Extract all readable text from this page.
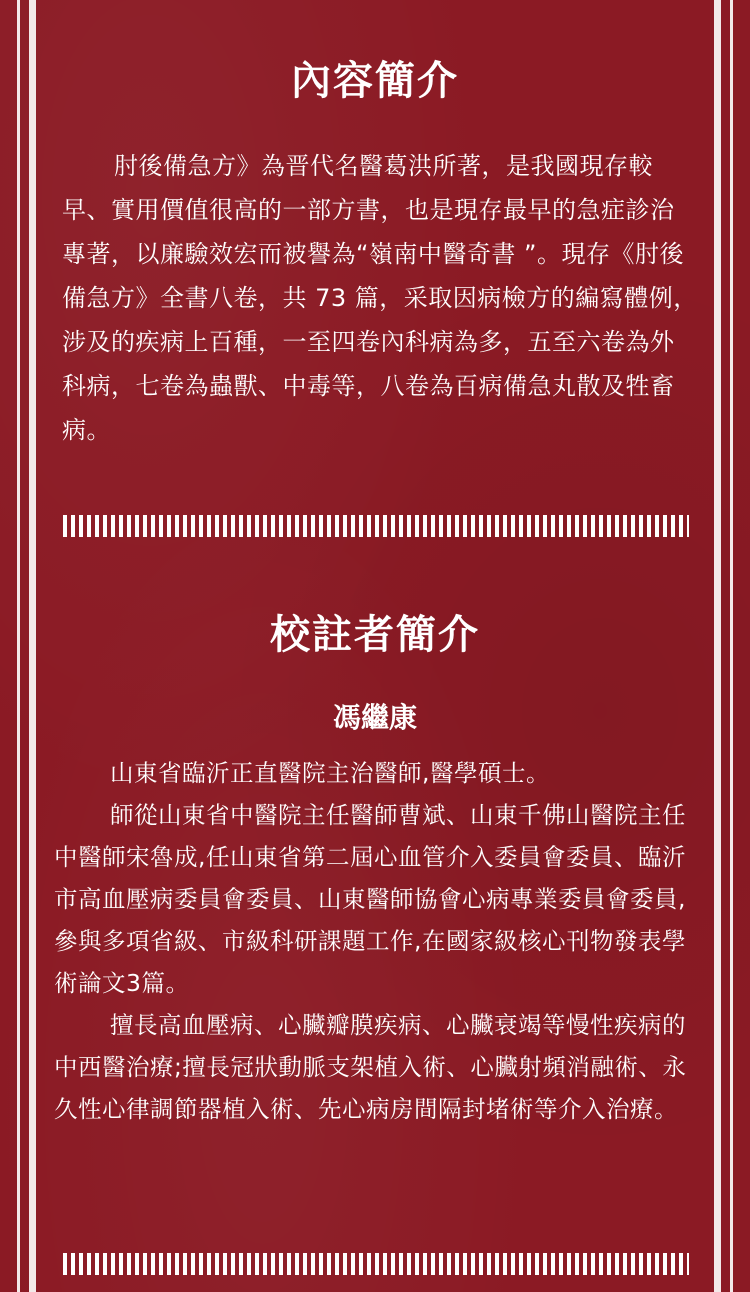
內容簡介

肘後備急方》為晋代名醫葛洪所著，是我國現存較早、實用價值很高的一部方書，也是現存最早的急症診治專著，以廉驗效宏而被譽為“嶺南中醫奇書 ”。現存《肘後備急方》全書八卷，共 73 篇，采取因病檢方的編寫體例，涉及的疾病上百種，一至四卷內科病為多，五至六卷為外科病，七卷為蟲獸、中毒等，八卷為百病備急丸散及牲畜病。

校註者簡介

馮繼康

山東省臨沂正直醫院主治醫師,醫學碩士。

師從山東省中醫院主任醫師曹斌、山東千佛山醫院主任中醫師宋魯成,任山東省第二屆心血管介入委員會委員、臨沂市高血壓病委員會委員、山東醫師協會心病專業委員會委員,參與多項省級、市級科研課題工作,在國家級核心刊物發表學術論文3篇。

擅長高血壓病、心臟瓣膜疾病、心臟衰竭等慢性疾病的中西醫治療;擅長冠狀動脈支架植入術、心臟射頻消融術、永久性心律調節器植入術、先心病房間隔封堵術等介入治療。
